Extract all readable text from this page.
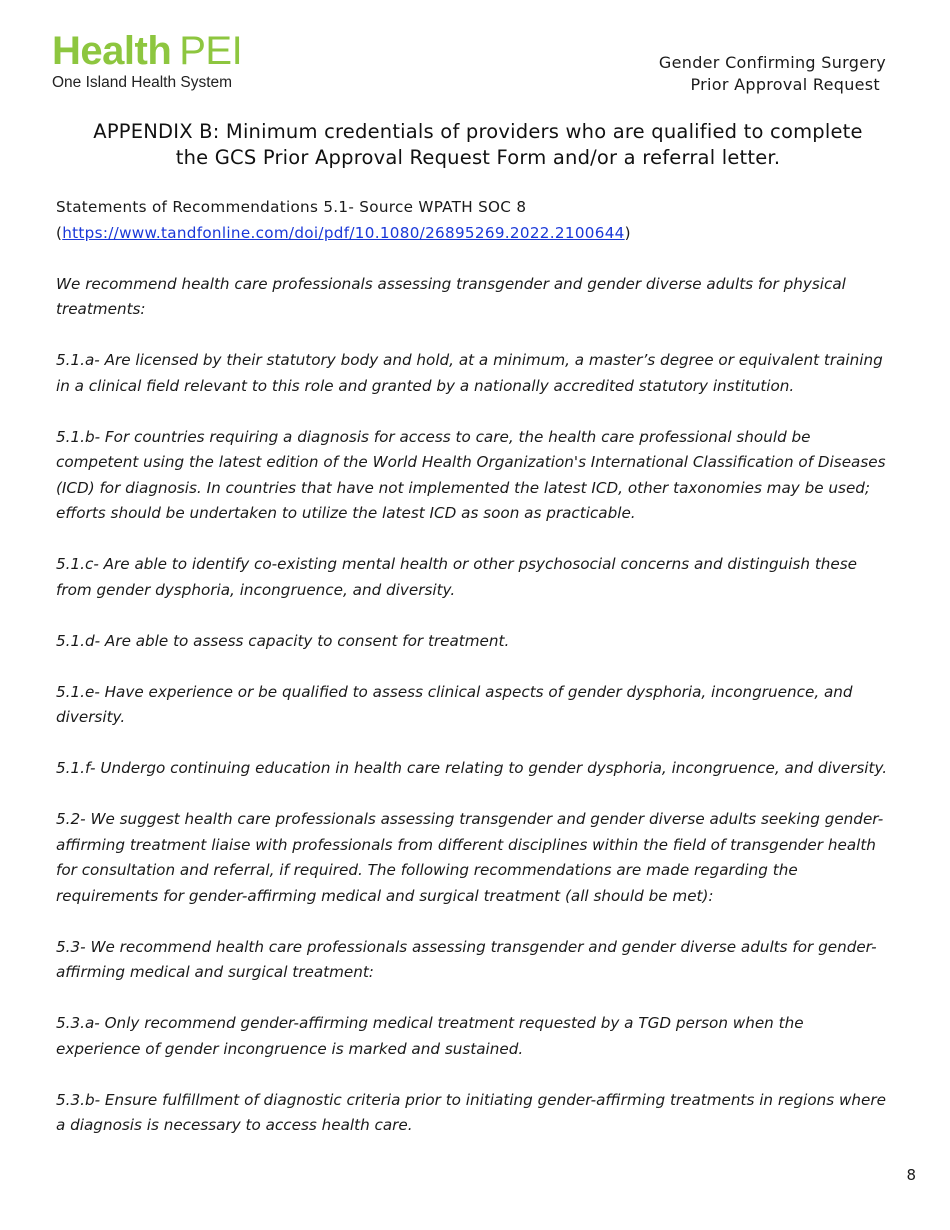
Health PEI
One Island Health System
Gender Confirming Surgery
Prior Approval Request
APPENDIX B: Minimum credentials of providers who are qualified to complete
the GCS Prior Approval Request Form and/or a referral letter.
Statements of Recommendations 5.1- Source WPATH SOC 8
(https://www.tandfonline.com/doi/pdf/10.1080/26895269.2022.2100644)

We recommend health care professionals assessing transgender and gender diverse adults for physical treatments:

5.1.a- Are licensed by their statutory body and hold, at a minimum, a master’s degree or equivalent training in a clinical field relevant to this role and granted by a nationally accredited statutory institution.

5.1.b- For countries requiring a diagnosis for access to care, the health care professional should be competent using the latest edition of the World Health Organization's International Classification of Diseases (ICD) for diagnosis. In countries that have not implemented the latest ICD, other taxonomies may be used; efforts should be undertaken to utilize the latest ICD as soon as practicable.

5.1.c- Are able to identify co-existing mental health or other psychosocial concerns and distinguish these from gender dysphoria, incongruence, and diversity.

5.1.d- Are able to assess capacity to consent for treatment.

5.1.e- Have experience or be qualified to assess clinical aspects of gender dysphoria, incongruence, and diversity.

5.1.f- Undergo continuing education in health care relating to gender dysphoria, incongruence, and diversity.

5.2- We suggest health care professionals assessing transgender and gender diverse adults seeking gender-affirming treatment liaise with professionals from different disciplines within the field of transgender health for consultation and referral, if required. The following recommendations are made regarding the requirements for gender-affirming medical and surgical treatment (all should be met):

5.3- We recommend health care professionals assessing transgender and gender diverse adults for gender-affirming medical and surgical treatment:

5.3.a- Only recommend gender-affirming medical treatment requested by a TGD person when the experience of gender incongruence is marked and sustained.

5.3.b- Ensure fulfillment of diagnostic criteria prior to initiating gender-affirming treatments in regions where a diagnosis is necessary to access health care.

8
